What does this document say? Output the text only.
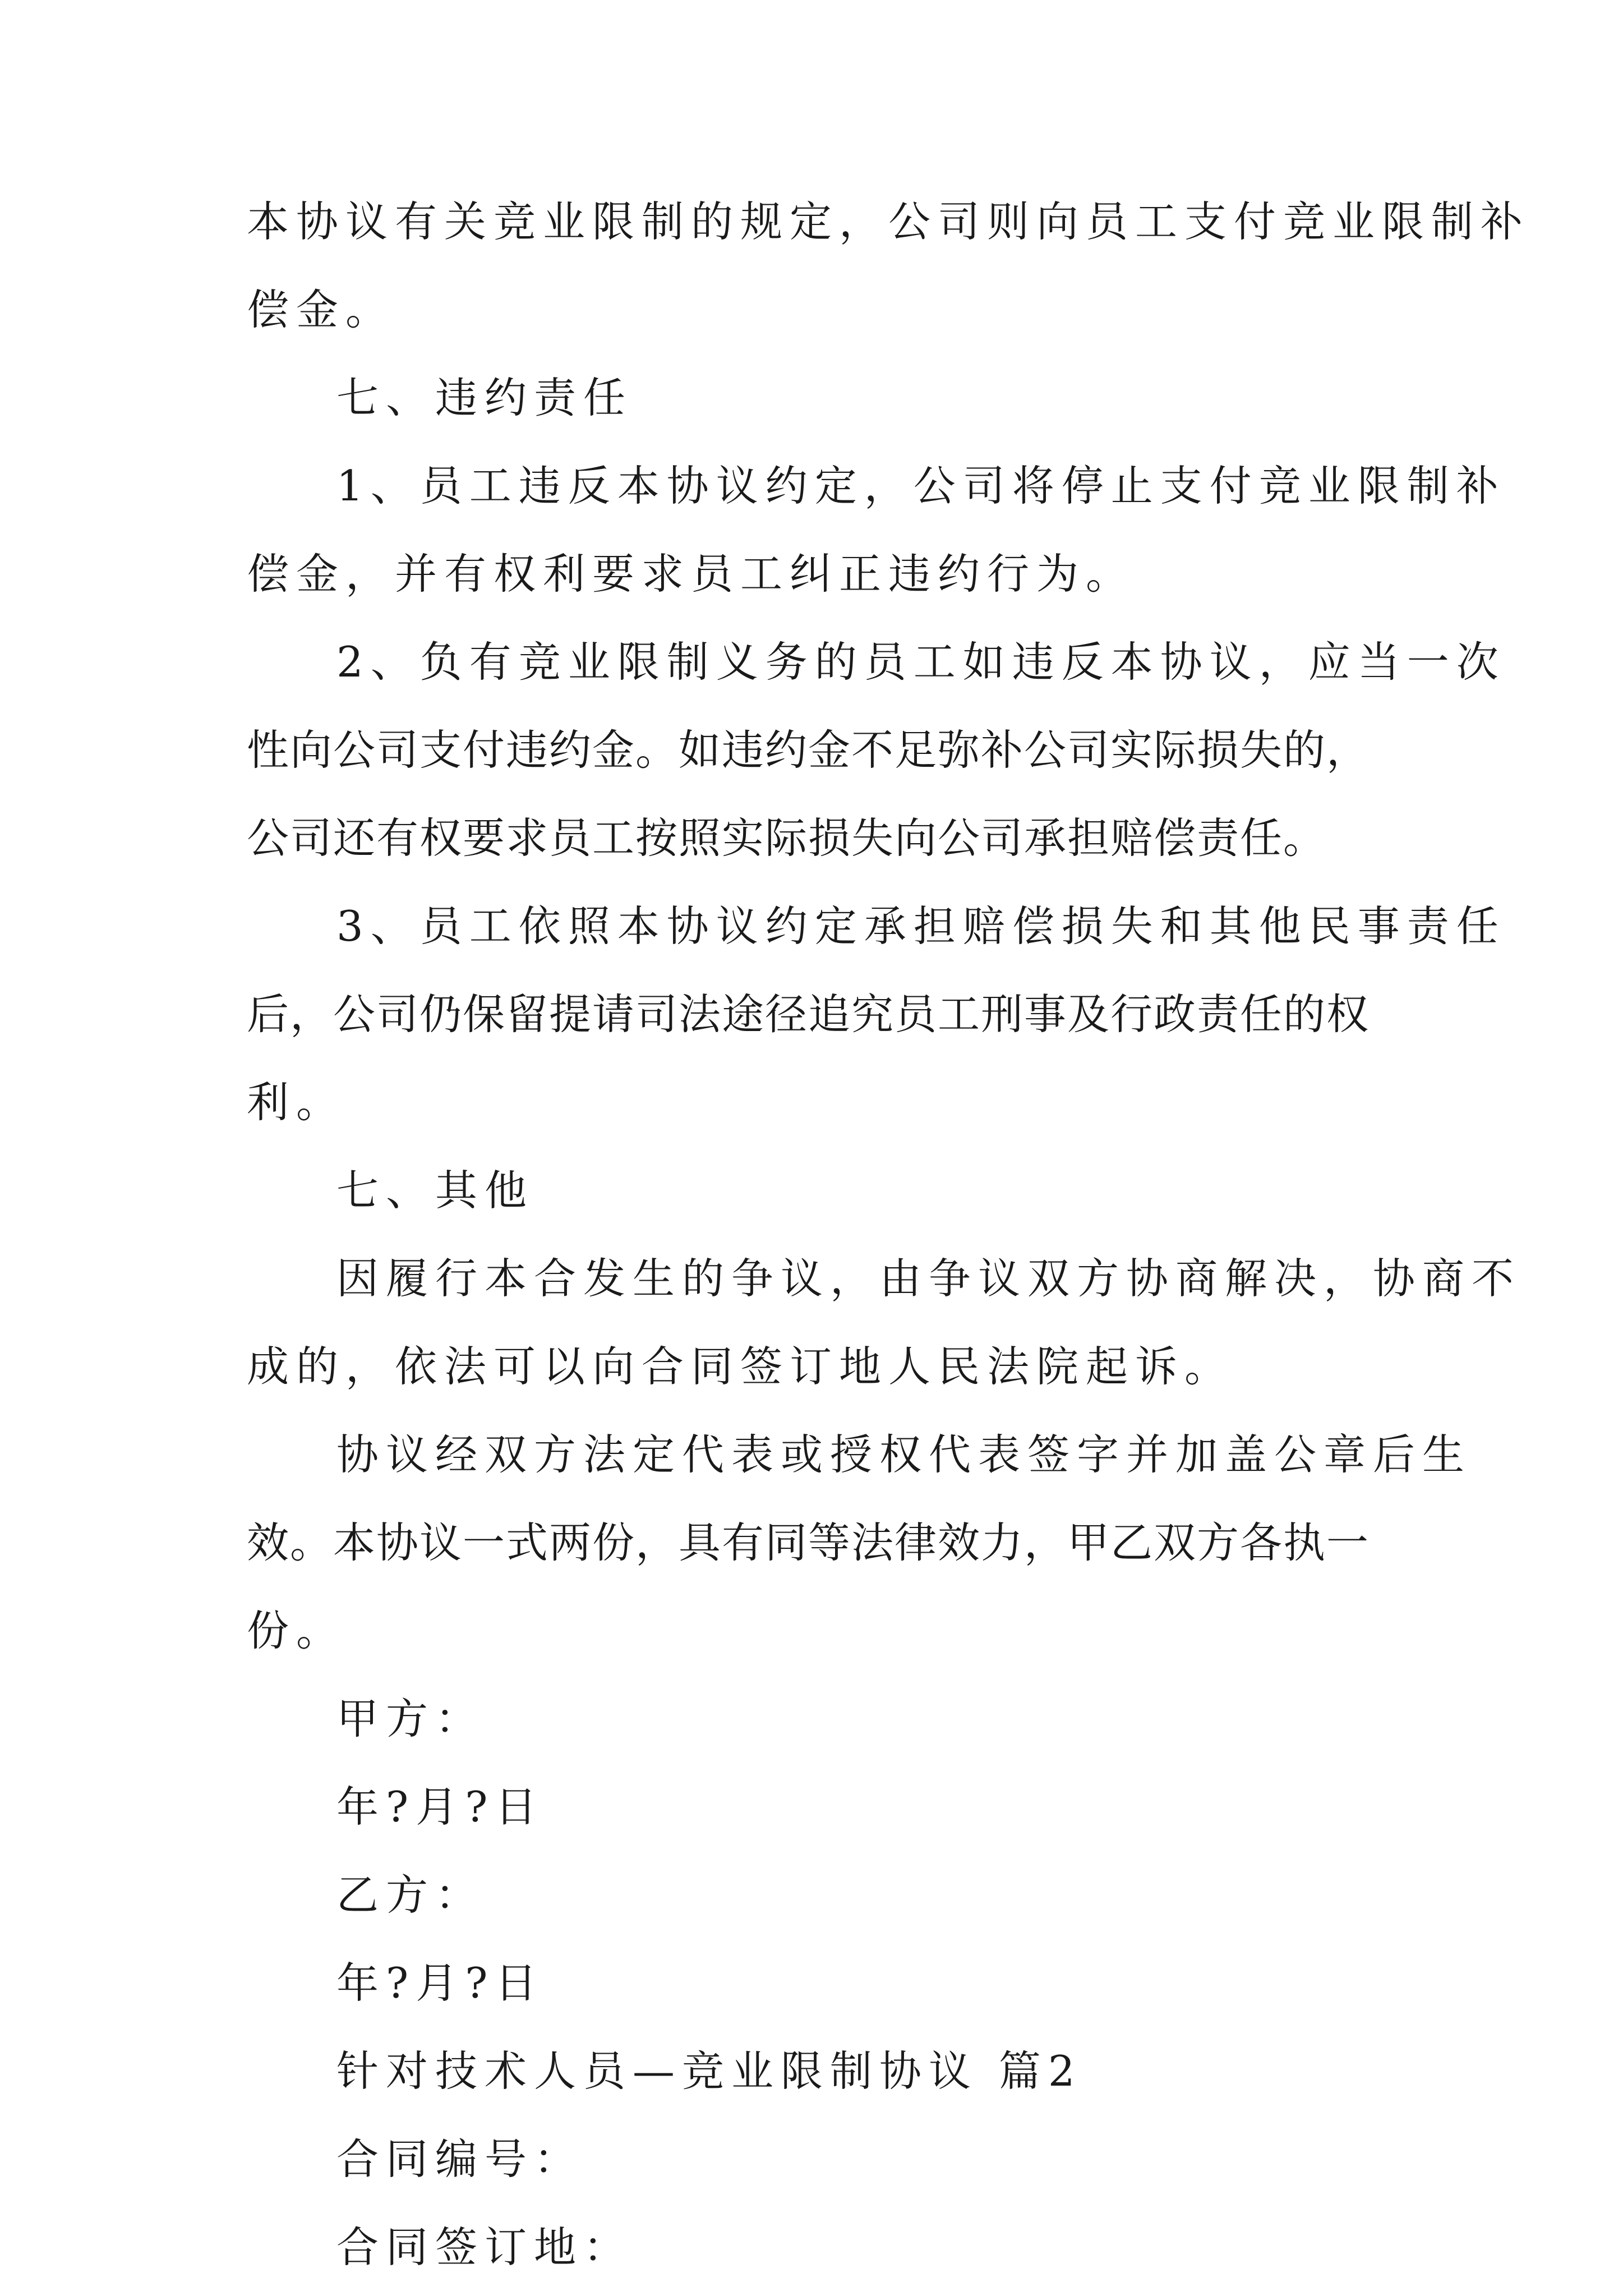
本协议有关竞业限制的规定，公司则向员工支付竞业限制补
偿金。
七、违约责任
1、员工违反本协议约定，公司将停止支付竞业限制补
偿金，并有权利要求员工纠正违约行为。
2、负有竞业限制义务的员工如违反本协议，应当一次
性向公司支付违约金。如违约金不足弥补公司实际损失的，
公司还有权要求员工按照实际损失向公司承担赔偿责任。
3、员工依照本协议约定承担赔偿损失和其他民事责任
后，公司仍保留提请司法途径追究员工刑事及行政责任的权
利。
七、其他
因履行本合发生的争议，由争议双方协商解决，协商不
成的，依法可以向合同签订地人民法院起诉。
协议经双方法定代表或授权代表签字并加盖公章后生
效。本协议一式两份，具有同等法律效力，甲乙双方各执一
份。
甲方：
年?月?日
乙方：
年?月?日
针对技术人员—竞业限制协议 篇2
合同编号：
合同签订地：
